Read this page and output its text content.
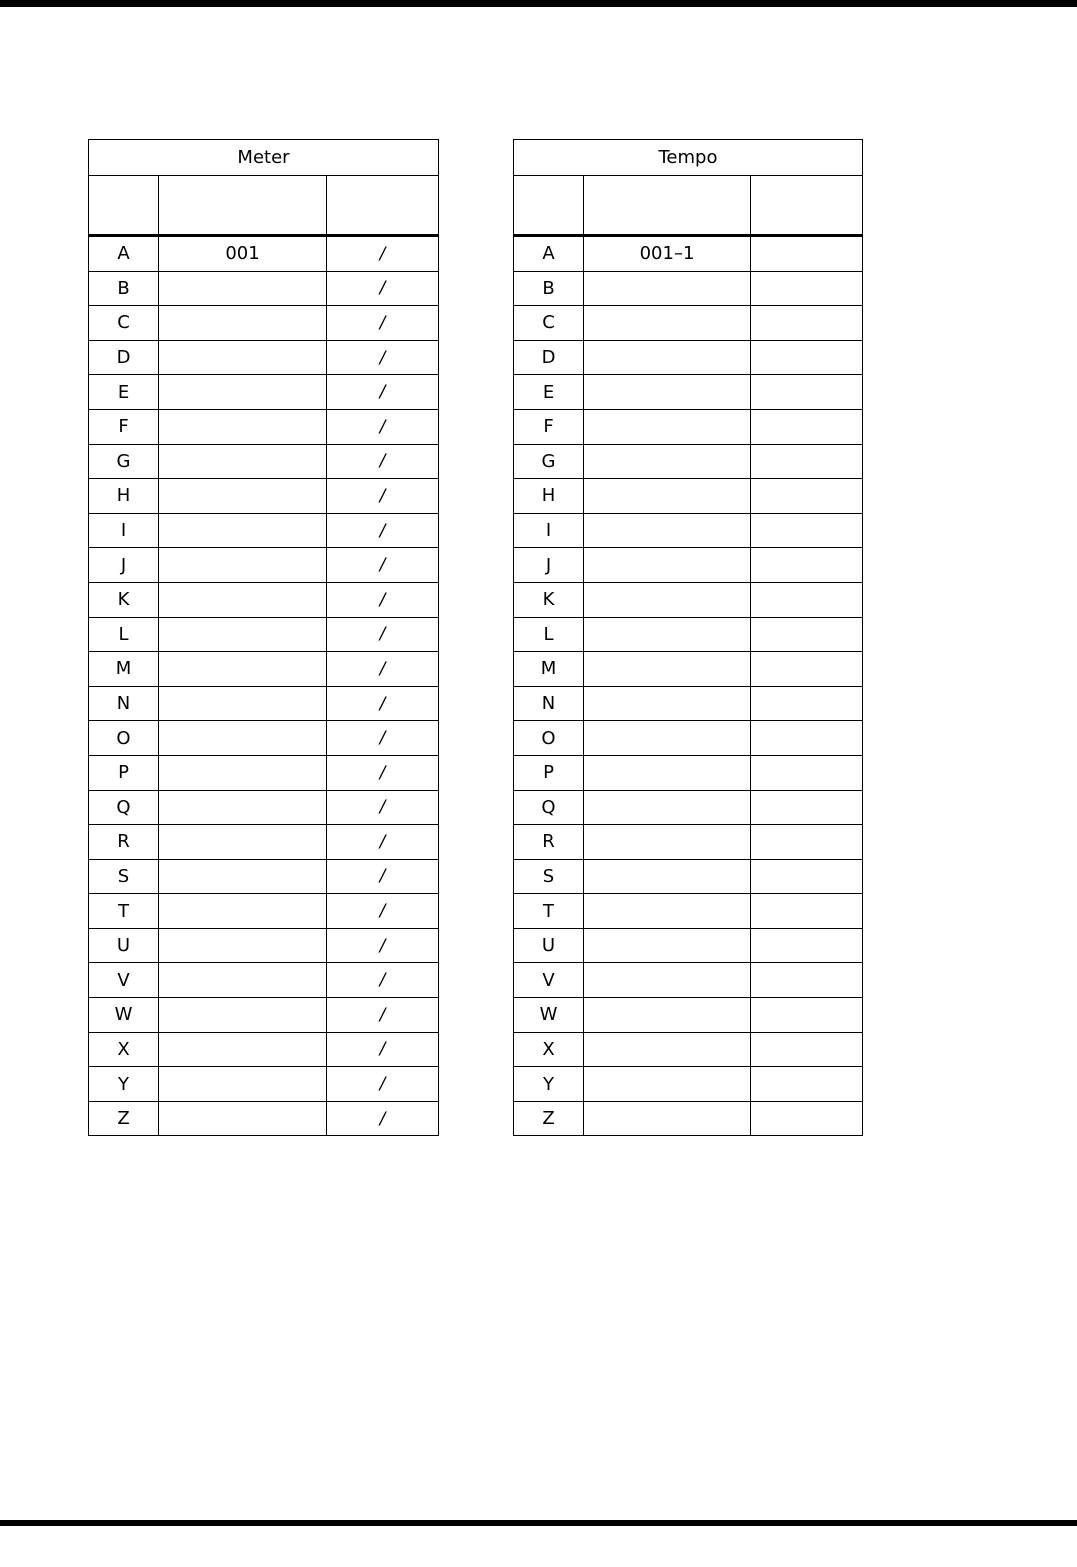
Meter		

A	001	/
B		/
C		/
D		/
E		/
F		/
G		/
H		/
I		/
J		/
K		/
L		/
M		/
N		/
O		/
P		/
Q		/
R		/
S		/
T		/
U		/
V		/
W		/
X		/
Y		/
Z		/
Tempo		

A	001–1	
B		
C		
D		
E		
F		
G		
H		
I		
J		
K		
L		
M		
N		
O		
P		
Q		
R		
S		
T		
U		
V		
W		
X		
Y		
Z		
